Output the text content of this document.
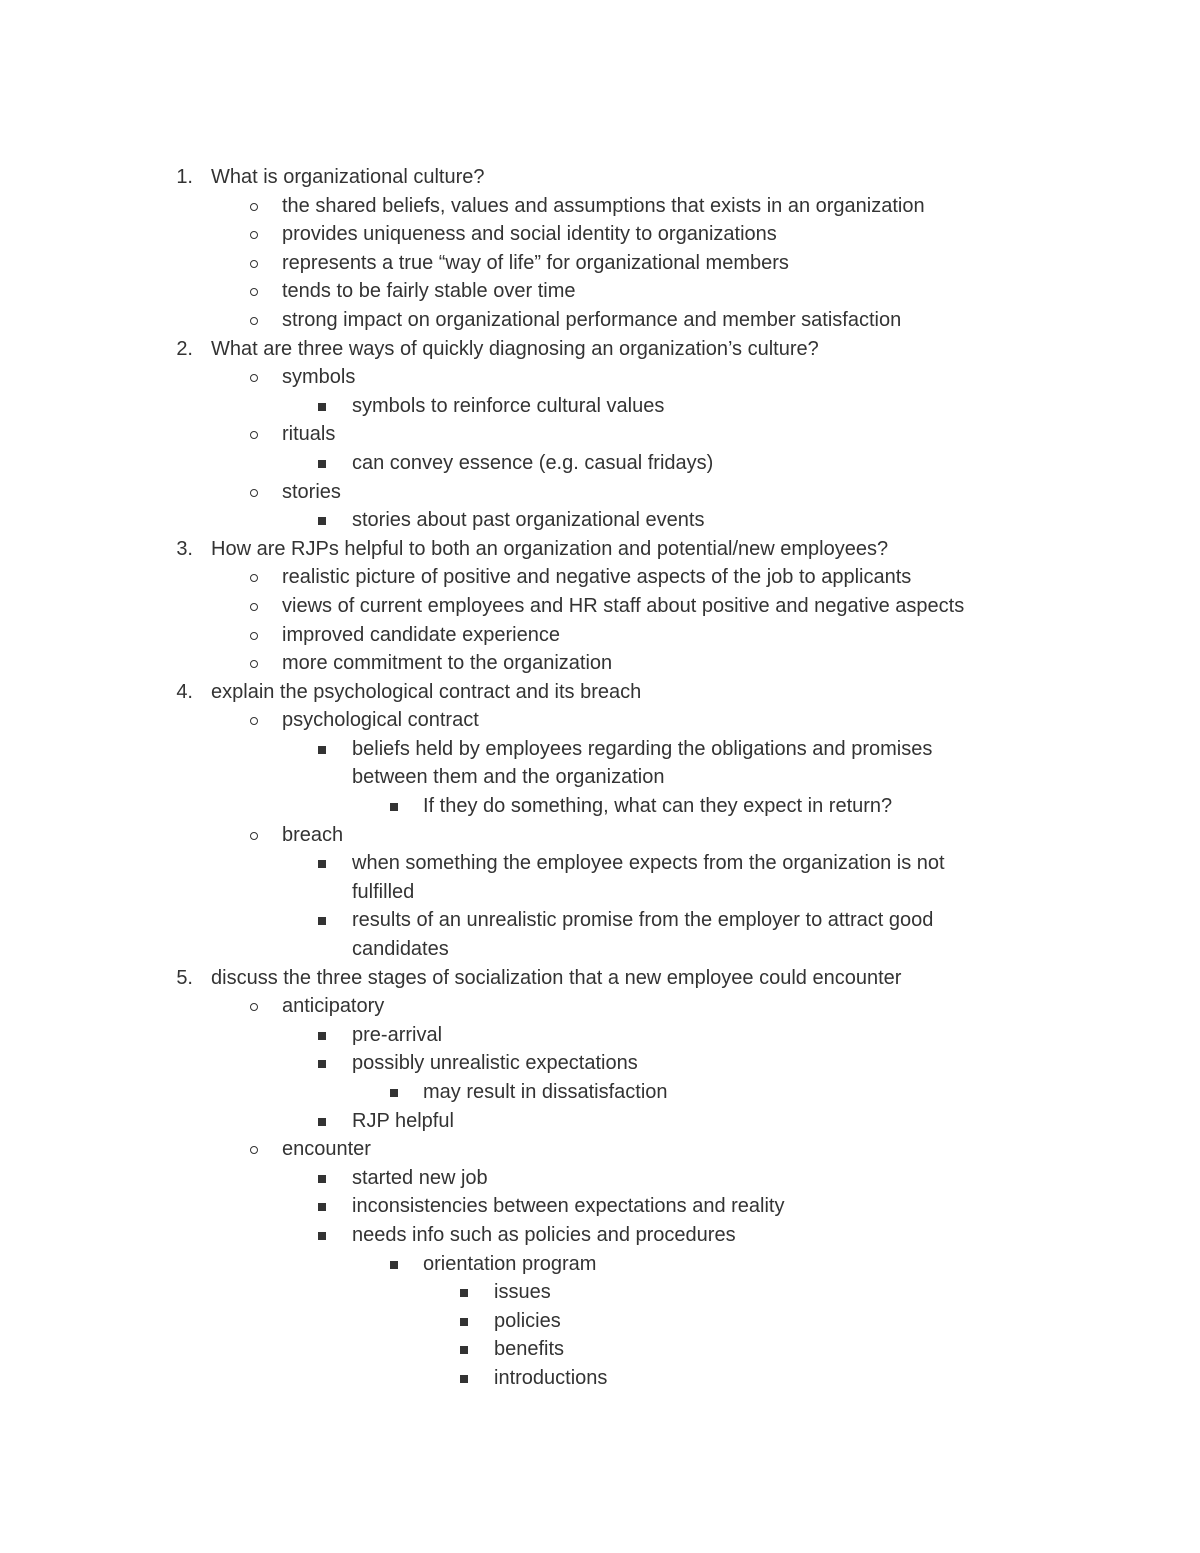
1. What is organizational culture?
the shared beliefs, values and assumptions that exists in an organization
provides uniqueness and social identity to organizations
represents a true “way of life” for organizational members
tends to be fairly stable over time
strong impact on organizational performance and member satisfaction
2. What are three ways of quickly diagnosing an organization’s culture?
symbols
symbols to reinforce cultural values
rituals
can convey essence (e.g. casual fridays)
stories
stories about past organizational events
3. How are RJPs helpful to both an organization and potential/new employees?
realistic picture of positive and negative aspects of the job to applicants
views of current employees and HR staff about positive and negative aspects
improved candidate experience
more commitment to the organization
4. explain the psychological contract and its breach
psychological contract
beliefs held by employees regarding the obligations and promises
between them and the organization
If they do something, what can they expect in return?
breach
when something the employee expects from the organization is not
fulfilled
results of an unrealistic promise from the employer to attract good
candidates
5. discuss the three stages of socialization that a new employee could encounter
anticipatory
pre-arrival
possibly unrealistic expectations
may result in dissatisfaction
RJP helpful
encounter
started new job
inconsistencies between expectations and reality
needs info such as policies and procedures
orientation program
issues
policies
benefits
introductions
